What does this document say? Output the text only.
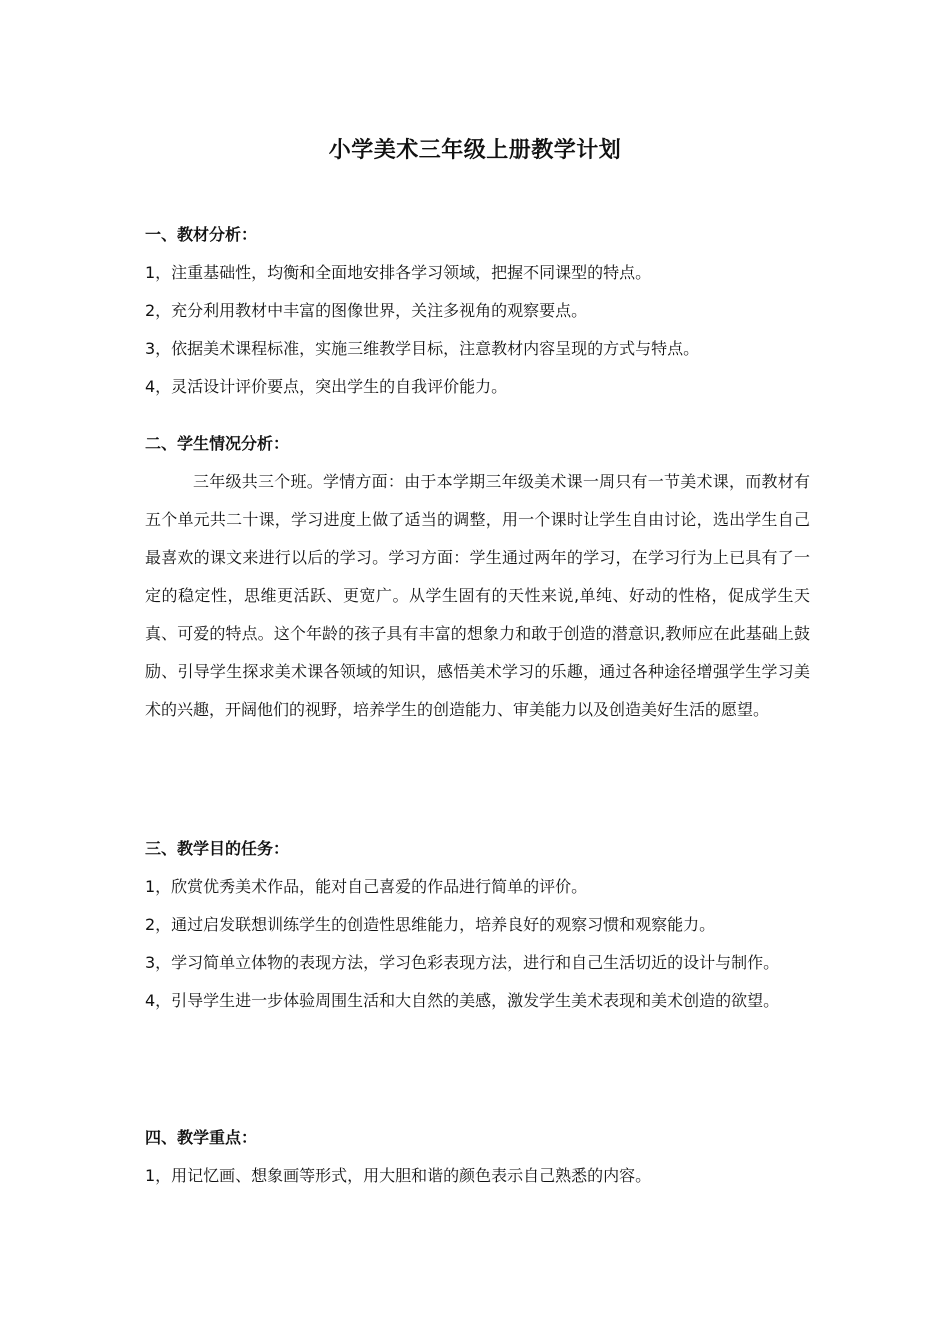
小学美术三年级上册教学计划
一、教材分析：
1，注重基础性，均衡和全面地安排各学习领域，把握不同课型的特点。
2，充分利用教材中丰富的图像世界，关注多视角的观察要点。
3，依据美术课程标准，实施三维教学目标，注意教材内容呈现的方式与特点。
4，灵活设计评价要点，突出学生的自我评价能力。
二、学生情况分析：
三年级共三个班。学情方面：由于本学期三年级美术课一周只有一节美术课，而教材有五个单元共二十课，学习进度上做了适当的调整，用一个课时让学生自由讨论，选出学生自己最喜欢的课文来进行以后的学习。学习方面：学生通过两年的学习，在学习行为上已具有了一定的稳定性，思维更活跃、更宽广。从学生固有的天性来说,单纯、好动的性格，促成学生天真、可爱的特点。这个年龄的孩子具有丰富的想象力和敢于创造的潜意识,教师应在此基础上鼓励、引导学生探求美术课各领域的知识，感悟美术学习的乐趣，通过各种途径增强学生学习美术的兴趣，开阔他们的视野，培养学生的创造能力、审美能力以及创造美好生活的愿望。
三、教学目的任务：
1，欣赏优秀美术作品，能对自己喜爱的作品进行简单的评价。
2，通过启发联想训练学生的创造性思维能力，培养良好的观察习惯和观察能力。
3，学习简单立体物的表现方法，学习色彩表现方法，进行和自己生活切近的设计与制作。
4，引导学生进一步体验周围生活和大自然的美感，激发学生美术表现和美术创造的欲望。
四、教学重点：
1，用记忆画、想象画等形式，用大胆和谐的颜色表示自己熟悉的内容。
